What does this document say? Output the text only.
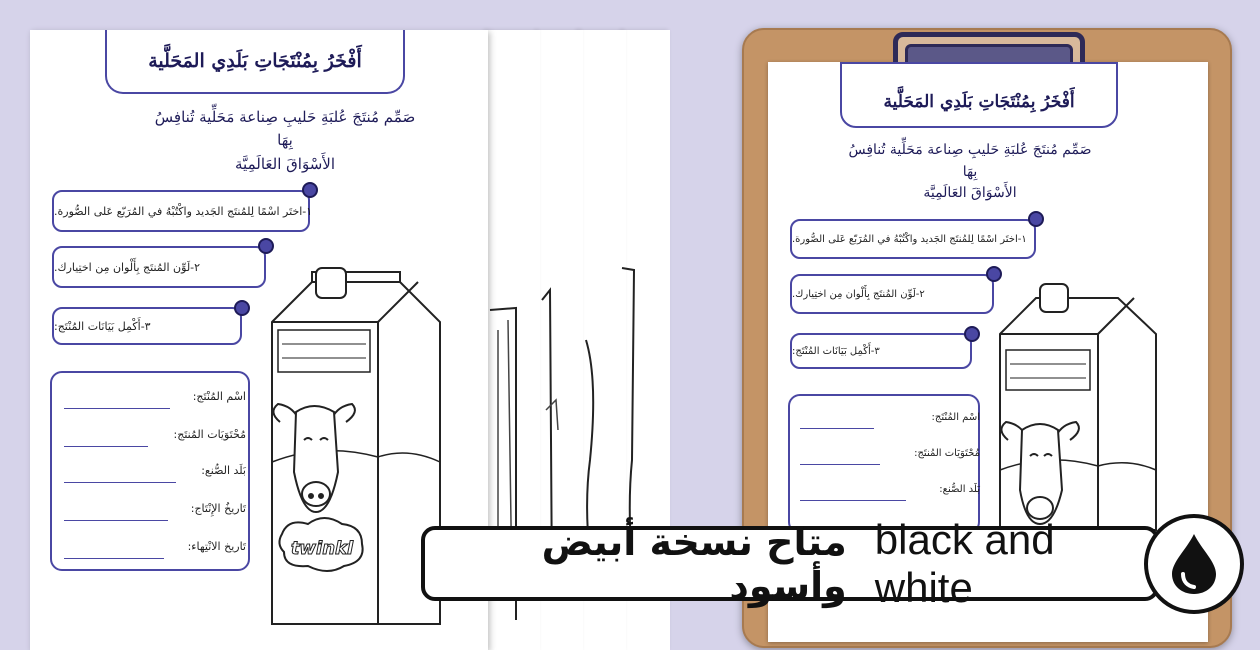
أَفْخَرُ بِمُنْتَجَاتِ بَلَدِي المَحَلَّية
صَمِّم مُنتَجَ عُلبَةِ حَليبِ صِناعة مَحَلِّية تُنافِسُ بِهَا
الأَسْوَاقَ العَالَمِيَّة
١-اختَر اسْمًا لِلمُنتَج الجَديد واكْتُبْهُ في المُرَبّع عَلى الصُّورة.
٢-لَوِّن المُنتَج بِأَلْوان مِن اختِيارك.
٣-أَكْمِل بَيَانَات المُنْتَج:
اسْم المُنْتَج:
مُحْتَوَيَات المُنتَج:
بَلَد الصُّنع:
تَاريخُ الإِنْتَاج:
تَاريخ الانْتِهاء: twinkl
أَفْخَرُ بِمُنْتَجَاتِ بَلَدِي المَحَلَّية
صَمِّم مُنتَجَ عُلبَةِ حَليبِ صِناعة مَحَلِّية تُنافِسُ بِهَا
الأَسْوَاقَ العَالَمِيَّة
١-اختَر اسْمًا لِلمُنتَج الجَديد واكْتُبْهُ في المُرَبّع عَلى الصُّورة.
٢-لَوِّن المُنتَج بِأَلْوان مِن اختِيارك.
٣-أَكْمِل بَيَانَات المُنْتَج:
اسْم المُنْتَج:
مُحْتَوَيَات المُنتَج:
بَلَد الصُّنع:
متاح نسخة أبيض وأسود
black and white
